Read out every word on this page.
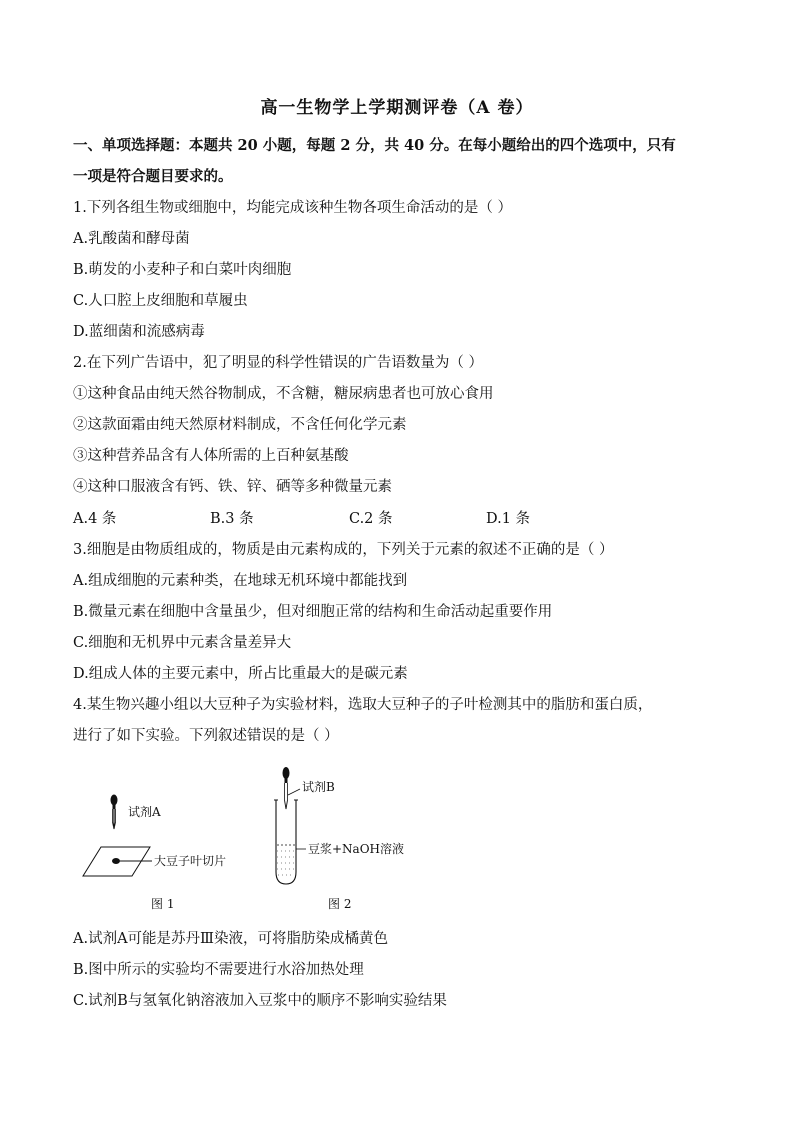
高一生物学上学期测评卷（A 卷）
一、单项选择题：本题共 20 小题，每题 2 分，共 40 分。在每小题给出的四个选项中，只有
一项是符合题目要求的。
1.下列各组生物或细胞中，均能完成该种生物各项生命活动的是（ ）
A.乳酸菌和酵母菌
B.萌发的小麦种子和白菜叶肉细胞
C.人口腔上皮细胞和草履虫
D.蓝细菌和流感病毒
2.在下列广告语中，犯了明显的科学性错误的广告语数量为（ ）
①这种食品由纯天然谷物制成，不含糖，糖尿病患者也可放心食用
②这款面霜由纯天然原材料制成，不含任何化学元素
③这种营养品含有人体所需的上百种氨基酸
④这种口服液含有钙、铁、锌、硒等多种微量元素
A.4 条	B.3 条	C.2 条	D.1 条
3.细胞是由物质组成的，物质是由元素构成的，下列关于元素的叙述不正确的是（ ）
A.组成细胞的元素种类，在地球无机环境中都能找到
B.微量元素在细胞中含量虽少，但对细胞正常的结构和生命活动起重要作用
C.细胞和无机界中元素含量差异大
D.组成人体的主要元素中，所占比重最大的是碳元素
4.某生物兴趣小组以大豆种子为实验材料，选取大豆种子的子叶检测其中的脂肪和蛋白质，
进行了如下实验。下列叙述错误的是（ ）
试剂A
大豆子叶切片
图 1
试剂B
豆浆+NaOH溶液
图 2
A.试剂A可能是苏丹Ⅲ染液，可将脂肪染成橘黄色
B.图中所示的实验均不需要进行水浴加热处理
C.试剂B与氢氧化钠溶液加入豆浆中的顺序不影响实验结果
